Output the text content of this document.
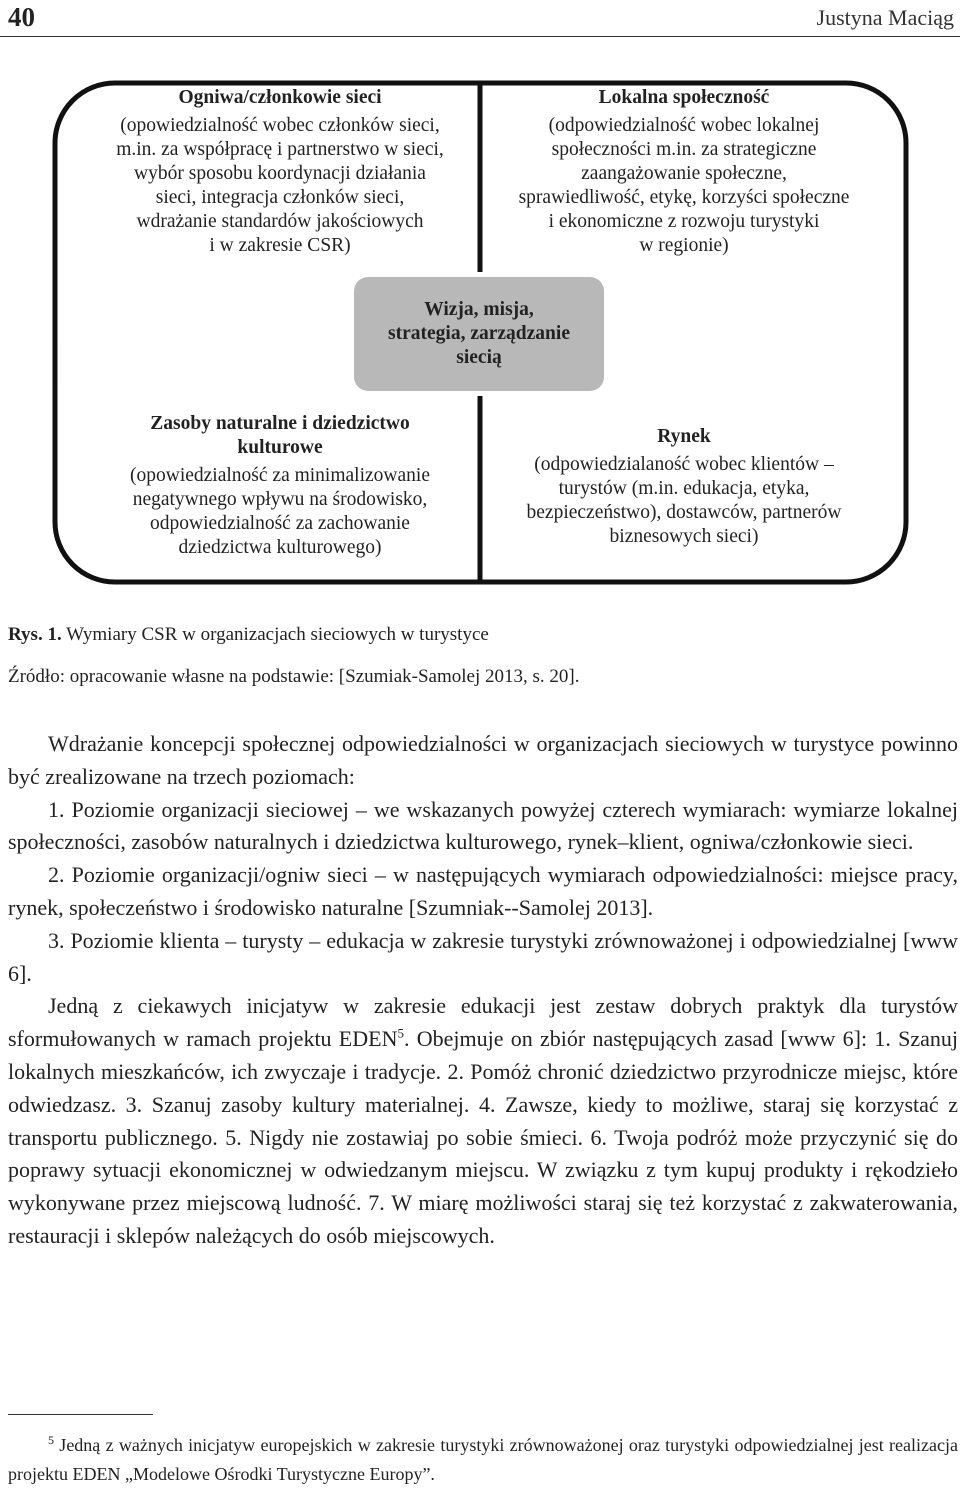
40	Justyna Maciąg
Ogniwa/członkowie sieci
(opowiedzialność wobec członków sieci,
m.in. za współpracę i partnerstwo w sieci,
wybór sposobu koordynacji działania
sieci, integracja członków sieci,
wdrażanie standardów jakościowych
i w zakresie CSR)
Lokalna społeczność
(odpowiedzialność wobec lokalnej
społeczności m.in. za strategiczne
zaangażowanie społeczne,
sprawiedliwość, etykę, korzyści społeczne
i ekonomiczne z rozwoju turystyki
w regionie)
Wizja, misja,
strategia, zarządzanie
siecią
Zasoby naturalne i dziedzictwo
kulturowe
(opowiedzialność za minimalizowanie
negatywnego wpływu na środowisko,
odpowiedzialność za zachowanie
dziedzictwa kulturowego)
Rynek
(odpowiedzialaność wobec klientów –
turystów (m.in. edukacja, etyka,
bezpieczeństwo), dostawców, partnerów
biznesowych sieci)
Rys. 1. Wymiary CSR w organizacjach sieciowych w turystyce
Źródło: opracowanie własne na podstawie: [Szumiak-Samolej 2013, s. 20].

Wdrażanie koncepcji społecznej odpowiedzialności w organizacjach sieciowych w turystyce powinno być zrealizowane na trzech poziomach:

1. Poziomie organizacji sieciowej – we wskazanych powyżej czterech wymiarach: wymiarze lokalnej społeczności, zasobów naturalnych i dziedzictwa kulturowego, rynek–klient, ogniwa/członkowie sieci.

2. Poziomie organizacji/ogniw sieci – w następujących wymiarach odpowiedzialności: miejsce pracy, rynek, społeczeństwo i środowisko naturalne [Szumniak--Samolej 2013].

3. Poziomie klienta – turysty – edukacja w zakresie turystyki zrównoważonej i odpowiedzialnej [www 6].

Jedną z ciekawych inicjatyw w zakresie edukacji jest zestaw dobrych praktyk dla turystów sformułowanych w ramach projektu EDEN$^5$. Obejmuje on zbiór następujących zasad [www 6]: 1. Szanuj lokalnych mieszkańców, ich zwyczaje i tradycje. 2. Pomóż chronić dziedzictwo przyrodnicze miejsc, które odwiedzasz. 3. Szanuj zasoby kultury materialnej. 4. Zawsze, kiedy to możliwe, staraj się korzystać z transportu publicznego. 5. Nigdy nie zostawiaj po sobie śmieci. 6. Twoja podróż może przyczynić się do poprawy sytuacji ekonomicznej w odwiedzanym miejscu. W związku z tym kupuj produkty i rękodzieło wykonywane przez miejscową ludność. 7. W miarę możliwości staraj się też korzystać z zakwaterowania, restauracji i sklepów należących do osób miejscowych.

$^5$ Jedną z ważnych inicjatyw europejskich w zakresie turystyki zrównoważonej oraz turystyki odpowiedzialnej jest realizacja projektu EDEN „Modelowe Ośrodki Turystyczne Europy”.
